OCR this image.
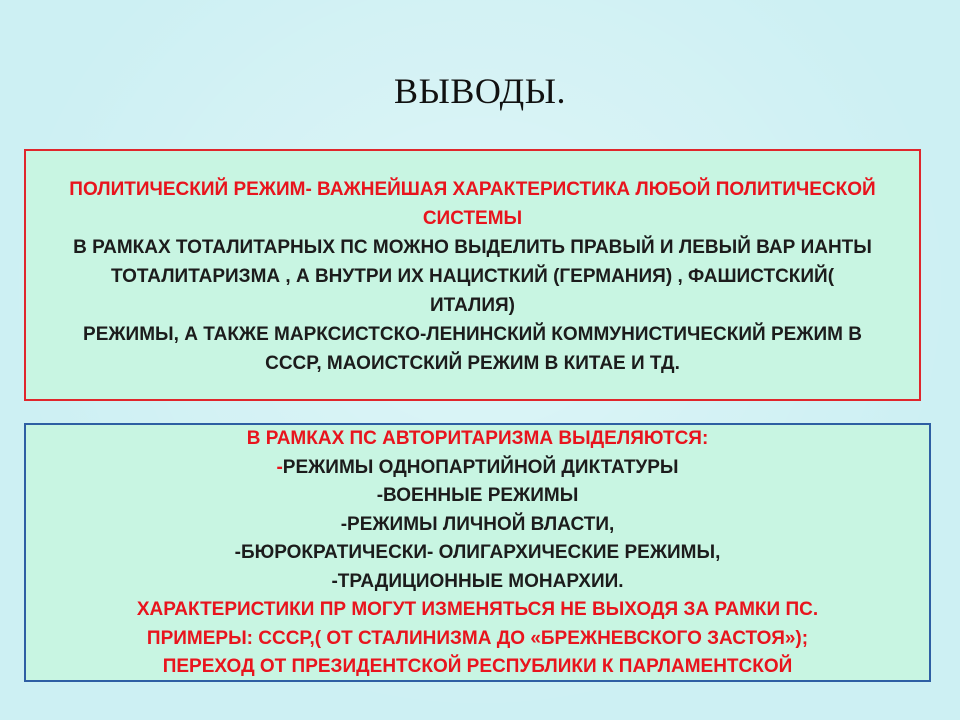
ВЫВОДЫ.
ПОЛИТИЧЕСКИЙ РЕЖИМ- ВАЖНЕЙШАЯ ХАРАКТЕРИСТИКА ЛЮБОЙ ПОЛИТИЧЕСКОЙ
СИСТЕМЫ
В РАМКАХ ТОТАЛИТАРНЫХ ПС МОЖНО ВЫДЕЛИТЬ ПРАВЫЙ И ЛЕВЫЙ ВАР ИАНТЫ
ТОТАЛИТАРИЗМА , А ВНУТРИ ИХ НАЦИСТКИЙ (ГЕРМАНИЯ) , ФАШИСТСКИЙ(
ИТАЛИЯ)
РЕЖИМЫ, А ТАКЖЕ МАРКСИСТСКО-ЛЕНИНСКИЙ КОММУНИСТИЧЕСКИЙ РЕЖИМ В
СССР, МАОИСТСКИЙ РЕЖИМ В КИТАЕ И ТД.
В РАМКАХ ПС АВТОРИТАРИЗМА ВЫДЕЛЯЮТСЯ:
-РЕЖИМЫ ОДНОПАРТИЙНОЙ ДИКТАТУРЫ
-ВОЕННЫЕ РЕЖИМЫ
-РЕЖИМЫ ЛИЧНОЙ ВЛАСТИ,
-БЮРОКРАТИЧЕСКИ- ОЛИГАРХИЧЕСКИЕ РЕЖИМЫ,
-ТРАДИЦИОННЫЕ МОНАРХИИ.
ХАРАКТЕРИСТИКИ ПР МОГУТ ИЗМЕНЯТЬСЯ НЕ ВЫХОДЯ ЗА РАМКИ ПС.
ПРИМЕРЫ: СССР,( ОТ СТАЛИНИЗМА ДО «БРЕЖНЕВСКОГО ЗАСТОЯ»);
ПЕРЕХОД ОТ ПРЕЗИДЕНТСКОЙ РЕСПУБЛИКИ К ПАРЛАМЕНТСКОЙ
